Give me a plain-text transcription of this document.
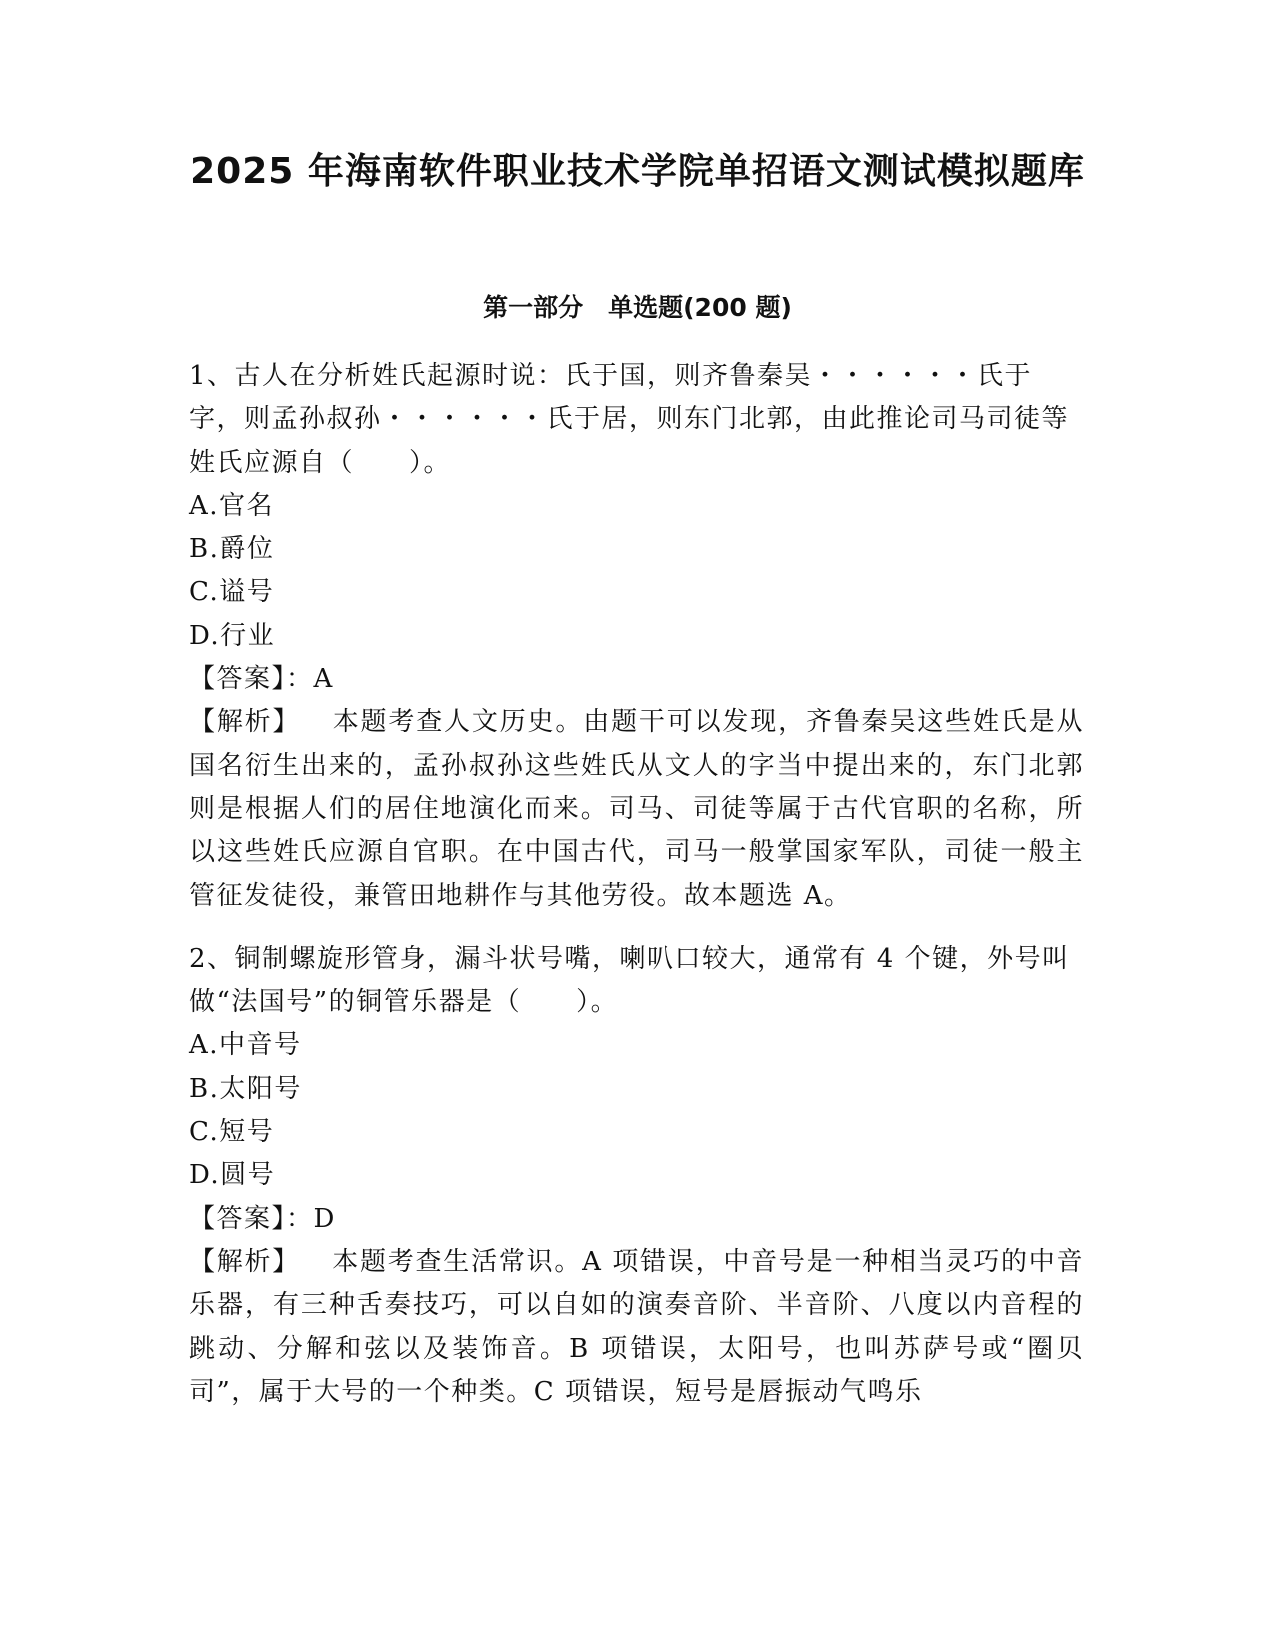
2025 年海南软件职业技术学院单招语文测试模拟题库
第一部分　单选题(200 题)

1、古人在分析姓氏起源时说：氏于国，则齐鲁秦吴・・・・・・氏于字，则孟孙叔孙・・・・・・氏于居，则东门北郭，由此推论司马司徒等姓氏应源自（　　）。

A.官名

B.爵位

C.谥号

D.行业

【答案】：A

【解析】 本题考查人文历史。由题干可以发现，齐鲁秦吴这些姓氏是从国名衍生出来的，孟孙叔孙这些姓氏从文人的字当中提出来的，东门北郭则是根据人们的居住地演化而来。司马、司徒等属于古代官职的名称，所以这些姓氏应源自官职。在中国古代，司马一般掌国家军队，司徒一般主管征发徒役，兼管田地耕作与其他劳役。故本题选 A。

2、铜制螺旋形管身，漏斗状号嘴，喇叭口较大，通常有 4 个键，外号叫做“法国号”的铜管乐器是（　　）。

A.中音号

B.太阳号

C.短号

D.圆号

【答案】：D

【解析】 本题考查生活常识。A 项错误，中音号是一种相当灵巧的中音乐器，有三种舌奏技巧，可以自如的演奏音阶、半音阶、八度以内音程的跳动、分解和弦以及装饰音。B 项错误，太阳号，也叫苏萨号或“圈贝司”，属于大号的一个种类。C 项错误，短号是唇振动气鸣乐
